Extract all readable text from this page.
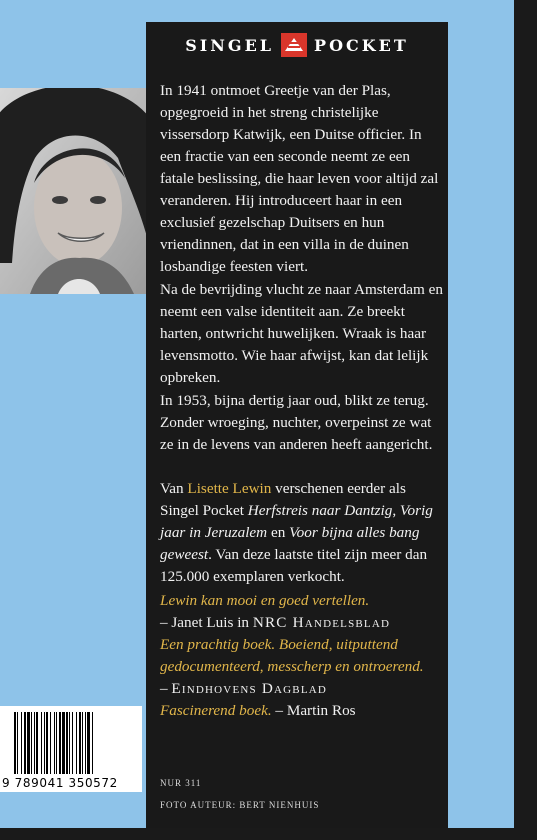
SINGEL	POCKET

In 1941 ontmoet Greetje van der Plas, opgegroeid in het streng christelijke vissersdorp Katwijk, een Duitse officier. In een fractie van een seconde neemt ze een fatale beslissing, die haar leven voor altijd zal veranderen. Hij introduceert haar in een exclusief gezelschap Duitsers en hun vriendinnen, dat in een villa in de duinen losbandige feesten viert.

Na de bevrijding vlucht ze naar Amsterdam en neemt een valse identiteit aan. Ze breekt harten, ontwricht huwelijken. Wraak is haar levensmotto. Wie haar afwijst, kan dat lelijk opbreken.

In 1953, bijna dertig jaar oud, blikt ze terug. Zonder wroeging, nuchter, overpeinst ze wat ze in de levens van anderen heeft aangericht.

Van Lisette Lewin verschenen eerder als Singel Pocket Herfstreis naar Dantzig, Vorig jaar in Jeruzalem en Voor bijna alles bang geweest. Van deze laatste titel zijn meer dan 125.000 exemplaren verkocht.

Lewin kan mooi en goed vertellen.
– Janet Luis in NRC Handelsblad
Een prachtig boek. Boeiend, uitputtend gedocumenteerd, messcherp en ontroerend.
– Eindhovens Dagblad
Fascinerend boek. – Martin Ros
NUR 311
FOTO AUTEUR: BERT NIENHUIS
9 789041 350572
